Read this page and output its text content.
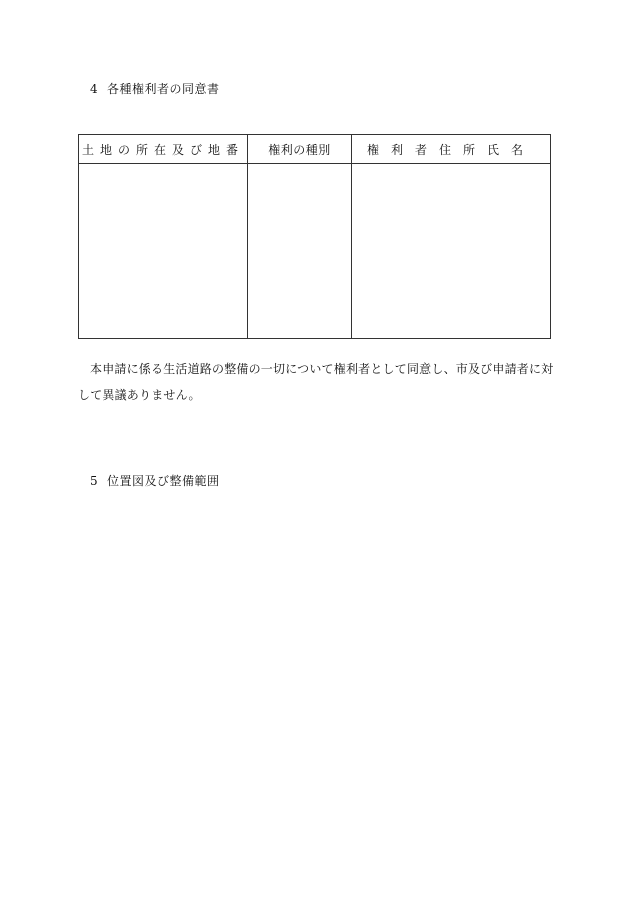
4 各種権利者の同意書
土地の所在及び地番	権利の種別	権利者住所氏名

本申請に係る生活道路の整備の一切について権利者として同意し、市及び申請者に対して異議ありません。

5 位置図及び整備範囲
